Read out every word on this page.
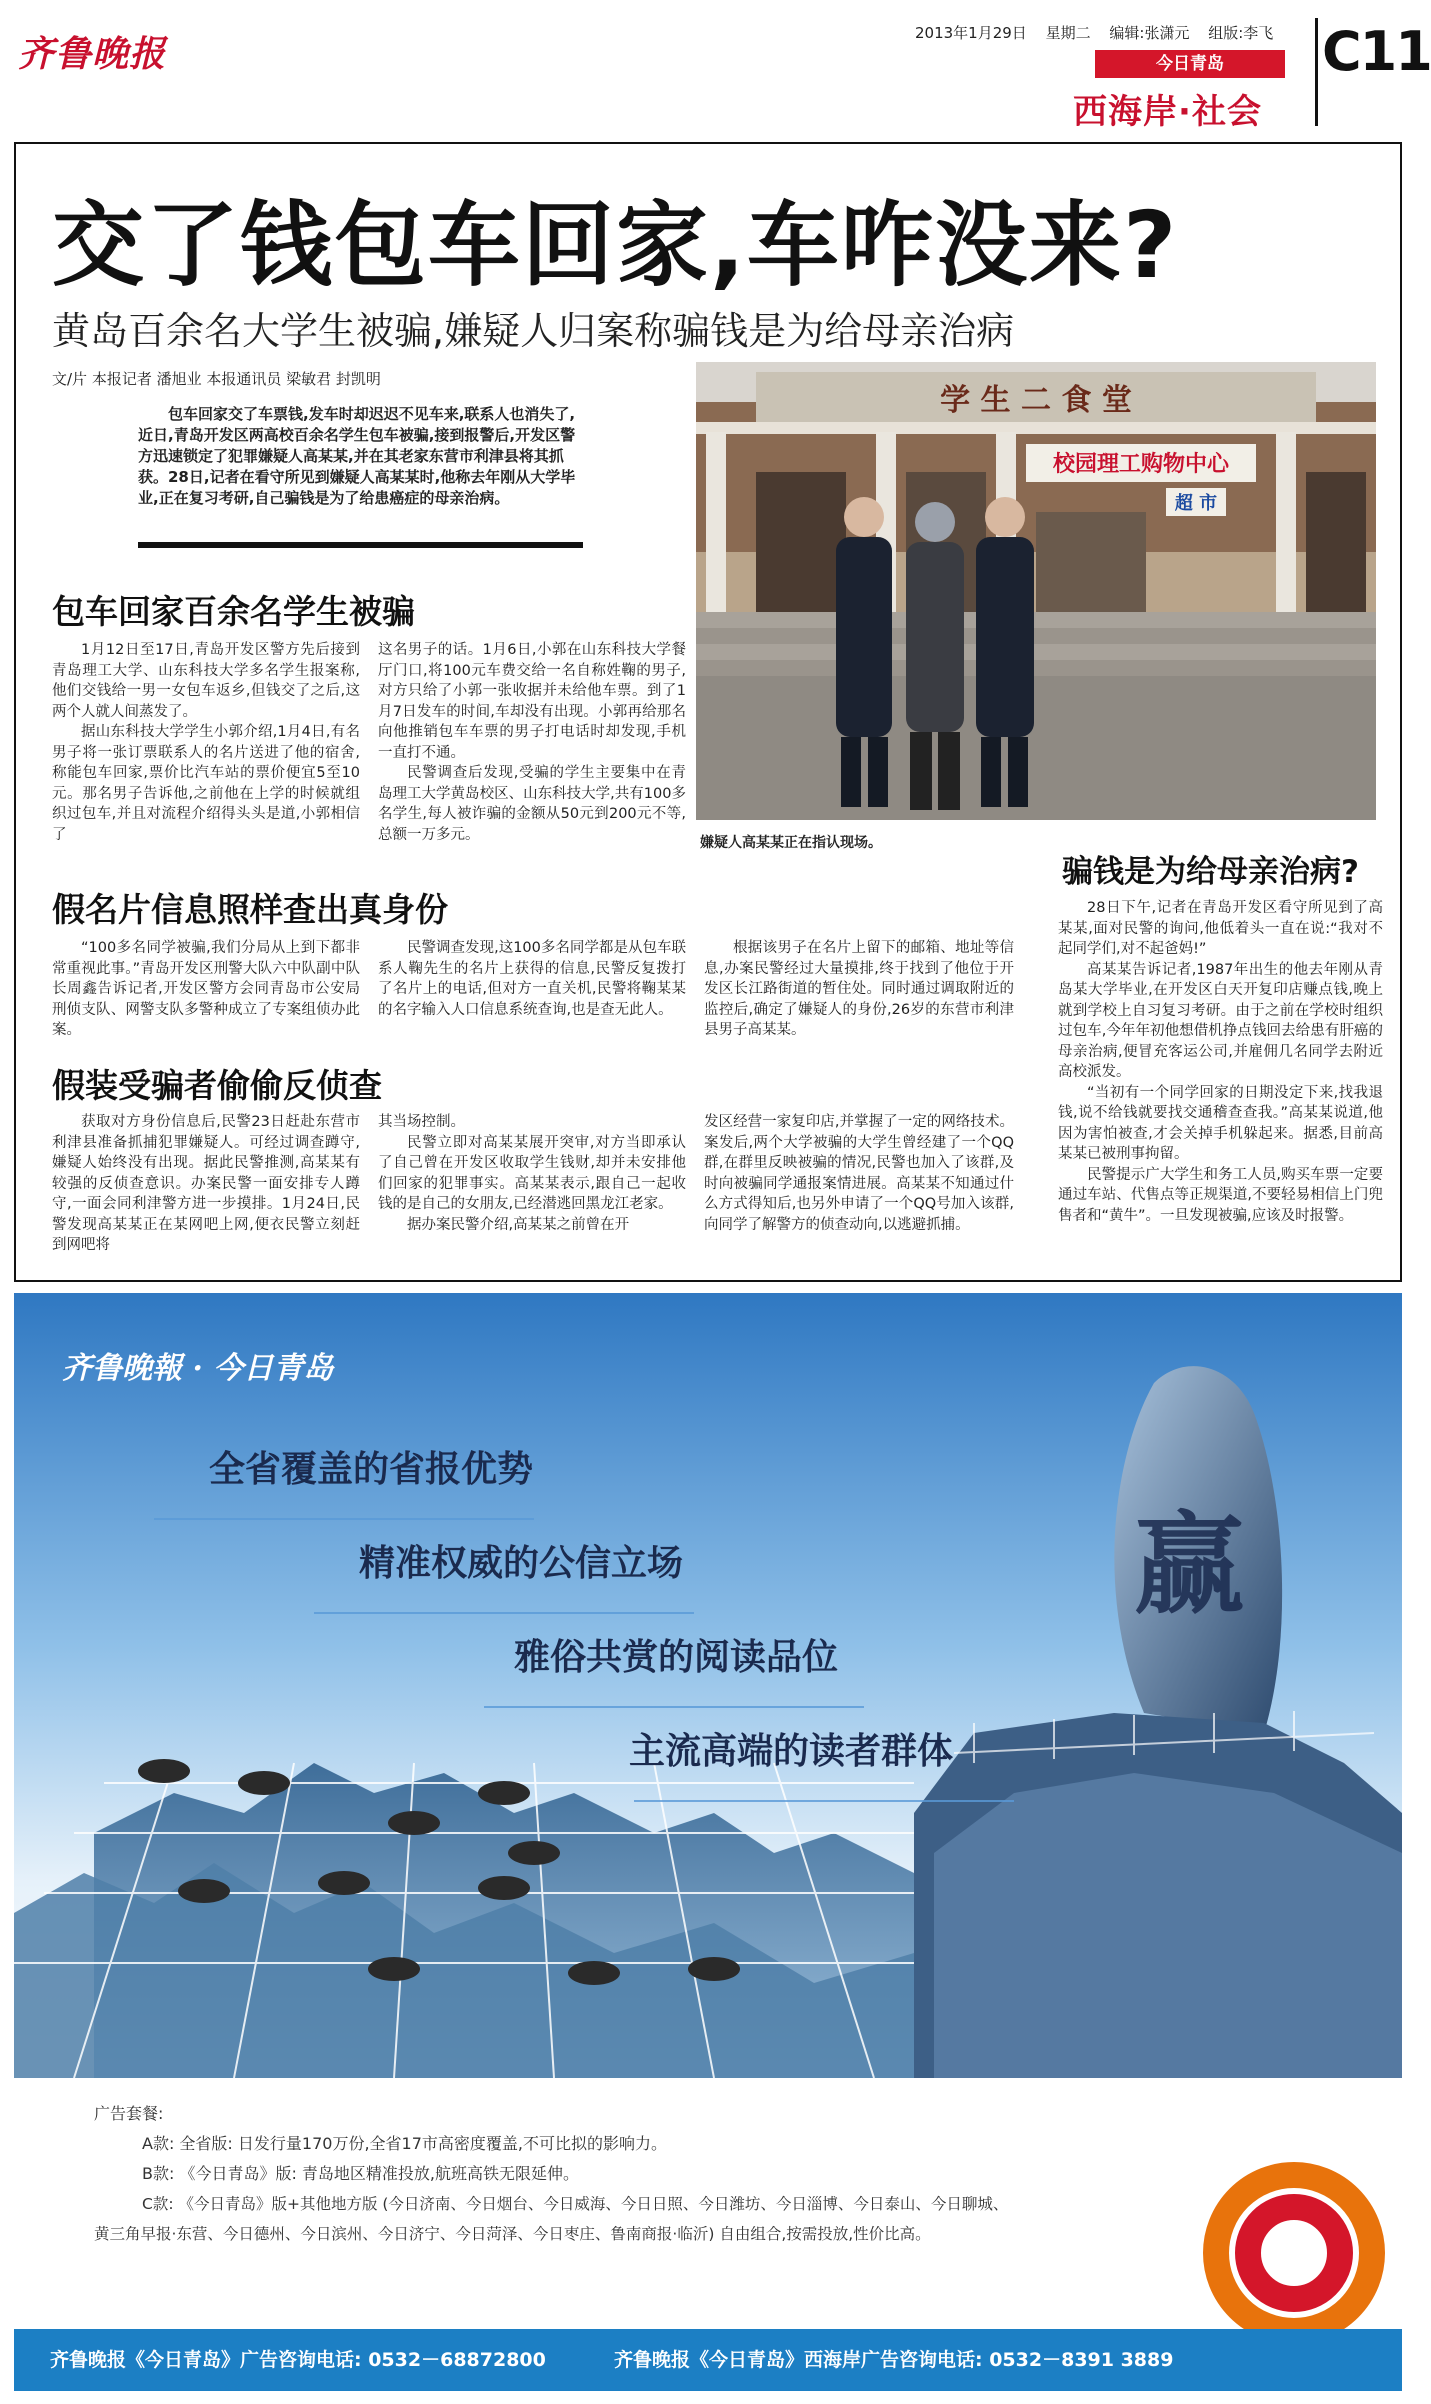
齐鲁晚报	2013年1月29日 星期二 编辑:张潇元 组版:李飞
今日青岛
西海岸·社会
C11
交了钱包车回家,车咋没来?
黄岛百余名大学生被骗,嫌疑人归案称骗钱是为给母亲治病
文/片 本报记者 潘旭业 本报通讯员 梁敏君 封凯明
包车回家交了车票钱,发车时却迟迟不见车来,联系人也消失了,近日,青岛开发区两高校百余名学生包车被骗,接到报警后,开发区警方迅速锁定了犯罪嫌疑人高某某,并在其老家东营市利津县将其抓获。28日,记者在看守所见到嫌疑人高某某时,他称去年刚从大学毕业,正在复习考研,自己骗钱是为了给患癌症的母亲治病。
学 生 二 食 堂
校园理工购物中心
超 市
嫌疑人高某某正在指认现场。
包车回家百余名学生被骗

1月12日至17日,青岛开发区警方先后接到青岛理工大学、山东科技大学多名学生报案称,他们交钱给一男一女包车返乡,但钱交了之后,这两个人就人间蒸发了。

据山东科技大学学生小郭介绍,1月4日,有名男子将一张订票联系人的名片送进了他的宿舍,称能包车回家,票价比汽车站的票价便宜5至10元。那名男子告诉他,之前他在上学的时候就组织过包车,并且对流程介绍得头头是道,小郭相信了

这名男子的话。1月6日,小郭在山东科技大学餐厅门口,将100元车费交给一名自称姓鞠的男子,对方只给了小郭一张收据并未给他车票。到了1月7日发车的时间,车却没有出现。小郭再给那名向他推销包车车票的男子打电话时却发现,手机一直打不通。

民警调查后发现,受骗的学生主要集中在青岛理工大学黄岛校区、山东科技大学,共有100多名学生,每人被诈骗的金额从50元到200元不等,总额一万多元。

假名片信息照样查出真身份

“100多名同学被骗,我们分局从上到下都非常重视此事。”青岛开发区刑警大队六中队副中队长周鑫告诉记者,开发区警方会同青岛市公安局刑侦支队、网警支队多警种成立了专案组侦办此案。

民警调查发现,这100多名同学都是从包车联系人鞠先生的名片上获得的信息,民警反复拨打了名片上的电话,但对方一直关机,民警将鞠某某的名字输入人口信息系统查询,也是查无此人。

根据该男子在名片上留下的邮箱、地址等信息,办案民警经过大量摸排,终于找到了他位于开发区长江路街道的暂住处。同时通过调取附近的监控后,确定了嫌疑人的身份,26岁的东营市利津县男子高某某。

假装受骗者偷偷反侦查

获取对方身份信息后,民警23日赶赴东营市利津县准备抓捕犯罪嫌疑人。可经过调查蹲守,嫌疑人始终没有出现。据此民警推测,高某某有较强的反侦查意识。办案民警一面安排专人蹲守,一面会同利津警方进一步摸排。1月24日,民警发现高某某正在某网吧上网,便衣民警立刻赶到网吧将

其当场控制。

民警立即对高某某展开突审,对方当即承认了自己曾在开发区收取学生钱财,却并未安排他们回家的犯罪事实。高某某表示,跟自己一起收钱的是自己的女朋友,已经潜逃回黑龙江老家。

据办案民警介绍,高某某之前曾在开

发区经营一家复印店,并掌握了一定的网络技术。案发后,两个大学被骗的大学生曾经建了一个QQ群,在群里反映被骗的情况,民警也加入了该群,及时向被骗同学通报案情进展。高某某不知通过什么方式得知后,也另外申请了一个QQ号加入该群,向同学了解警方的侦查动向,以逃避抓捕。

骗钱是为给母亲治病?

28日下午,记者在青岛开发区看守所见到了高某某,面对民警的询问,他低着头一直在说:“我对不起同学们,对不起爸妈!”

高某某告诉记者,1987年出生的他去年刚从青岛某大学毕业,在开发区白天开复印店赚点钱,晚上就到学校上自习复习考研。由于之前在学校时组织过包车,今年年初他想借机挣点钱回去给患有肝癌的母亲治病,便冒充客运公司,并雇佣几名同学去附近高校派发。

“当初有一个同学回家的日期没定下来,找我退钱,说不给钱就要找交通稽查查我。”高某某说道,他因为害怕被查,才会关掉手机躲起来。据悉,目前高某某已被刑事拘留。

民警提示广大学生和务工人员,购买车票一定要通过车站、代售点等正规渠道,不要轻易相信上门兜售者和“黄牛”。一旦发现被骗,应该及时报警。

赢
齐鲁晚報 · 今日青岛
全省覆盖的省报优势
精准权威的公信立场
雅俗共赏的阅读品位
主流高端的读者群体
广告套餐:
A款: 全省版: 日发行量170万份,全省17市高密度覆盖,不可比拟的影响力。
B款: 《今日青岛》版: 青岛地区精准投放,航班高铁无限延伸。
C款: 《今日青岛》版+其他地方版 (今日济南、今日烟台、今日威海、今日日照、今日潍坊、今日淄博、今日泰山、今日聊城、
黄三角早报·东营、今日德州、今日滨州、今日济宁、今日菏泽、今日枣庄、鲁南商报·临沂) 自由组合,按需投放,性价比高。
齐鲁晚报《今日青岛》广告咨询电话: 0532－68872800	齐鲁晚报《今日青岛》西海岸广告咨询电话: 0532－8391 3889
